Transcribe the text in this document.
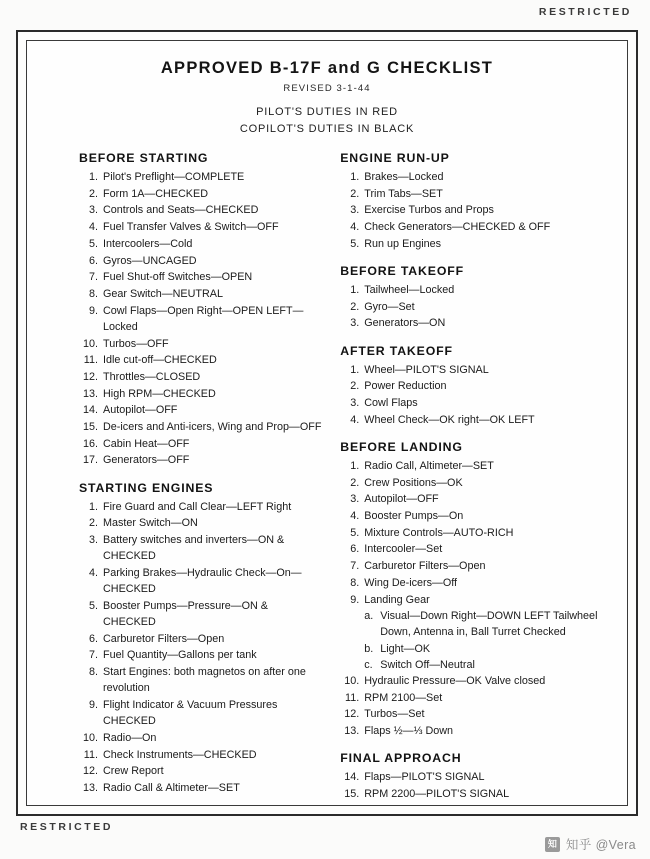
RESTRICTED
APPROVED B-17F and G CHECKLIST
REVISED 3-1-44
PILOT'S DUTIES IN RED
COPILOT'S DUTIES IN BLACK
BEFORE STARTING
1. Pilot's Preflight—COMPLETE
2. Form 1A—CHECKED
3. Controls and Seats—CHECKED
4. Fuel Transfer Valves & Switch—OFF
5. Intercoolers—Cold
6. Gyros—UNCAGED
7. Fuel Shut-off Switches—OPEN
8. Gear Switch—NEUTRAL
9. Cowl Flaps—Open Right—OPEN LEFT—Locked
10. Turbos—OFF
11. Idle cut-off—CHECKED
12. Throttles—CLOSED
13. High RPM—CHECKED
14. Autopilot—OFF
15. De-icers and Anti-icers, Wing and Prop—OFF
16. Cabin Heat—OFF
17. Generators—OFF
STARTING ENGINES
1. Fire Guard and Call Clear—LEFT Right
2. Master Switch—ON
3. Battery switches and inverters—ON & CHECKED
4. Parking Brakes—Hydraulic Check—On—CHECKED
5. Booster Pumps—Pressure—ON & CHECKED
6. Carburetor Filters—Open
7. Fuel Quantity—Gallons per tank
8. Start Engines: both magnetos on after one revolution
9. Flight Indicator & Vacuum Pressures CHECKED
10. Radio—On
11. Check Instruments—CHECKED
12. Crew Report
13. Radio Call & Altimeter—SET
ENGINE RUN-UP
1. Brakes—Locked
2. Trim Tabs—SET
3. Exercise Turbos and Props
4. Check Generators—CHECKED & OFF
5. Run up Engines
BEFORE TAKEOFF
1. Tailwheel—Locked
2. Gyro—Set
3. Generators—ON
AFTER TAKEOFF
1. Wheel—PILOT'S SIGNAL
2. Power Reduction
3. Cowl Flaps
4. Wheel Check—OK right—OK LEFT
BEFORE LANDING
1. Radio Call, Altimeter—SET
2. Crew Positions—OK
3. Autopilot—OFF
4. Booster Pumps—On
5. Mixture Controls—AUTO-RICH
6. Intercooler—Set
7. Carburetor Filters—Open
8. Wing De-icers—Off
9. Landing Gear
a. Visual—Down Right—DOWN LEFT Tailwheel Down, Antenna in, Ball Turret Checked
b. Light—OK
c. Switch Off—Neutral
10. Hydraulic Pressure—OK Valve closed
11. RPM 2100—Set
12. Turbos—Set
13. Flaps ½—⅓ Down
FINAL APPROACH
14. Flaps—PILOT'S SIGNAL
15. RPM 2200—PILOT'S SIGNAL
RESTRICTED
知 知乎 @Vera
